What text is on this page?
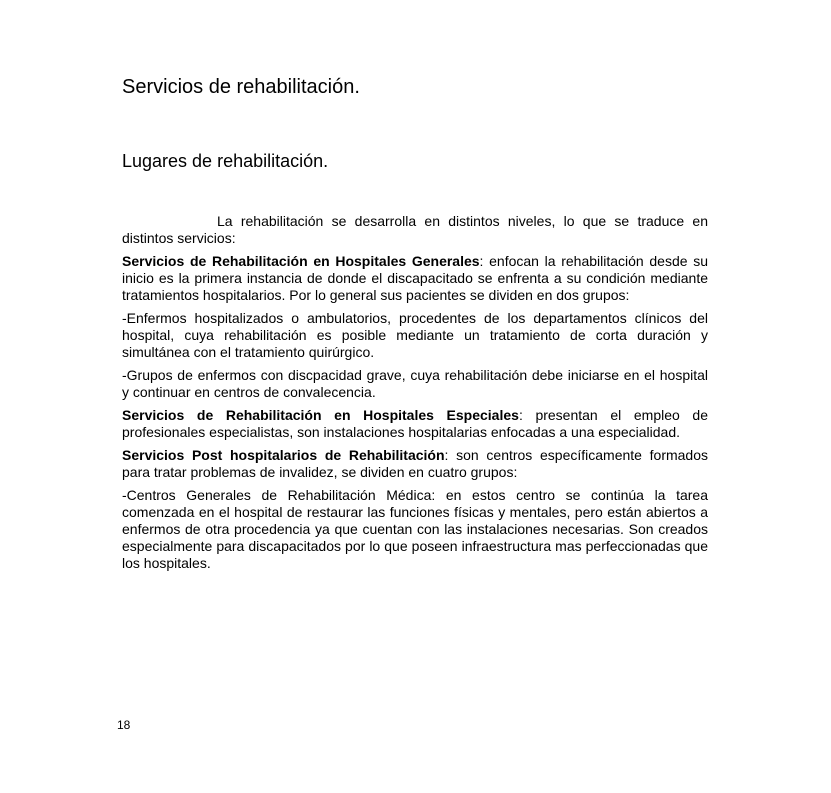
Servicios de rehabilitación.
Lugares de rehabilitación.

La rehabilitación se desarrolla en distintos niveles, lo que se traduce en distintos servicios:

Servicios de Rehabilitación en Hospitales Generales: enfocan la rehabilitación desde su inicio es la primera instancia de donde el discapacitado se enfrenta a su condición mediante tratamientos hospitalarios. Por lo general sus pacientes se dividen en dos grupos:

-Enfermos hospitalizados o ambulatorios, procedentes de los departamentos clínicos del hospital, cuya rehabilitación es posible mediante un tratamiento de corta duración y simultánea con el tratamiento quirúrgico.

-Grupos de enfermos con discpacidad grave, cuya rehabilitación debe iniciarse en el hospital y continuar en centros de convalecencia.

Servicios de Rehabilitación en Hospitales Especiales: presentan el empleo de profesionales especialistas, son instalaciones hospitalarias enfocadas a una especialidad.

Servicios Post hospitalarios de Rehabilitación: son centros específicamente formados para tratar problemas de invalidez, se dividen en cuatro grupos:

-Centros Generales de Rehabilitación Médica: en estos centro se continúa la tarea comenzada en el hospital de restaurar las funciones físicas y mentales, pero están abiertos a enfermos de otra procedencia ya que cuentan con las instalaciones necesarias. Son creados especialmente para discapacitados por lo que poseen infraestructura mas perfeccionadas que los hospitales.

18
